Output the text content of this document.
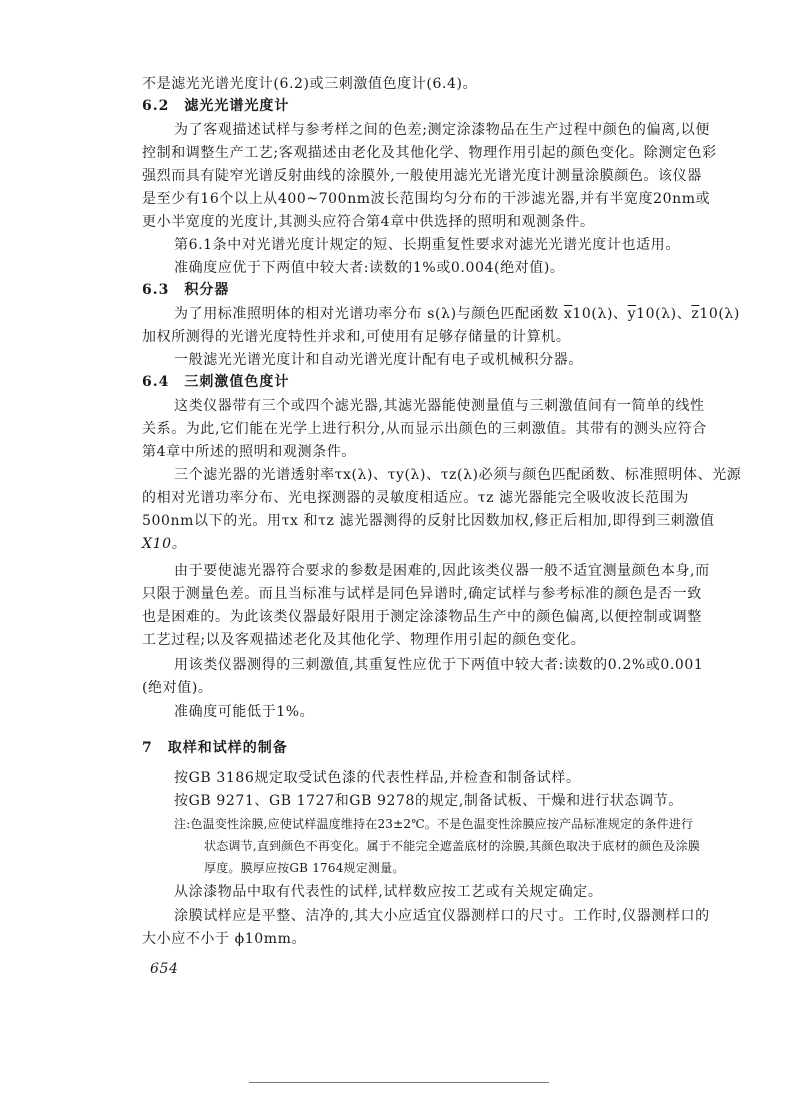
不是滤光光谱光度计(6.2)或三刺激值色度计(6.4)。
6.2　滤光光谱光度计
为了客观描述试样与参考样之间的色差;测定涂漆物品在生产过程中颜色的偏离,以便
控制和调整生产工艺;客观描述由老化及其他化学、物理作用引起的颜色变化。除测定色彩
强烈而具有陡窄光谱反射曲线的涂膜外,一般使用滤光光谱光度计测量涂膜颜色。该仪器
是至少有16个以上从400~700nm波长范围均匀分布的干涉滤光器,并有半宽度20nm或
更小半宽度的光度计,其测头应符合第4章中供选择的照明和观测条件。
第6.1条中对光谱光度计规定的短、长期重复性要求对滤光光谱光度计也适用。
准确度应优于下两值中较大者:读数的1%或0.004(绝对值)。
6.3　积分器
为了用标准照明体的相对光谱功率分布 s(λ)与颜色匹配函数 $\overline{x}10(\lambda)$、$\overline{y}10(\lambda)$、$\overline{z}10(\lambda)$
加权所测得的光谱光度特性并求和,可使用有足够存储量的计算机。
一般滤光光谱光度计和自动光谱光度计配有电子或机械积分器。
6.4　三刺激值色度计
这类仪器带有三个或四个滤光器,其滤光器能使测量值与三刺激值间有一简单的线性
关系。为此,它们能在光学上进行积分,从而显示出颜色的三刺激值。其带有的测头应符合
第4章中所述的照明和观测条件。
三个滤光器的光谱透射率τx(λ)、τy(λ)、τz(λ)必须与颜色匹配函数、标准照明体、光源
的相对光谱功率分布、光电探测器的灵敏度相适应。τz 滤光器能完全吸收波长范围为
500nm以下的光。用τx 和τz 滤光器测得的反射比因数加权,修正后相加,即得到三刺激值
X10。
由于要使滤光器符合要求的参数是困难的,因此该类仪器一般不适宜测量颜色本身,而
只限于测量色差。而且当标准与试样是同色异谱时,确定试样与参考标准的颜色是否一致
也是困难的。为此该类仪器最好限用于测定涂漆物品生产中的颜色偏离,以便控制或调整
工艺过程;以及客观描述老化及其他化学、物理作用引起的颜色变化。
用该类仪器测得的三刺激值,其重复性应优于下两值中较大者:读数的0.2%或0.001
(绝对值)。
准确度可能低于1%。
7　取样和试样的制备
按GB 3186规定取受试色漆的代表性样品,并检查和制备试样。
按GB 9271、GB 1727和GB 9278的规定,制备试板、干燥和进行状态调节。
注:色温变性涂膜,应使试样温度维持在23±2℃。不是色温变性涂膜应按产品标准规定的条件进行
状态调节,直到颜色不再变化。属于不能完全遮盖底材的涂膜,其颜色取决于底材的颜色及涂膜
厚度。膜厚应按GB 1764规定测量。
从涂漆物品中取有代表性的试样,试样数应按工艺或有关规定确定。
涂膜试样应是平整、洁净的,其大小应适宜仪器测样口的尺寸。工作时,仪器测样口的
大小应不小于 ϕ10mm。
654
